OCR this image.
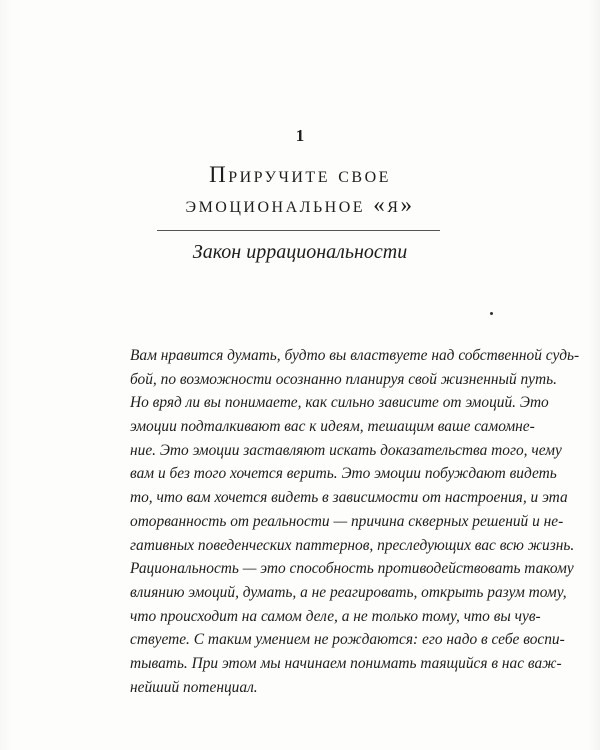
1
Приручите свое
эмоциональное «я»
Закон иррациональности
Вам нравится думать, будто вы властвуете над собственной судь-
бой, по возможности осознанно планируя свой жизненный путь.
Но вряд ли вы понимаете, как сильно зависите от эмоций. Это
эмоции подталкивают вас к идеям, тешащим ваше самомне-
ние. Это эмоции заставляют искать доказательства того, чему
вам и без того хочется верить. Это эмоции побуждают видеть
то, что вам хочется видеть в зависимости от настроения, и эта
оторванность от реальности — причина скверных решений и не-
гативных поведенческих паттернов, преследующих вас всю жизнь.
Рациональность — это способность противодействовать такому
влиянию эмоций, думать, а не реагировать, открыть разум тому,
что происходит на самом деле, а не только тому, что вы чув-
ствуете. С таким умением не рождаются: его надо в себе воспи-
тывать. При этом мы начинаем понимать таящийся в нас важ-
нейший потенциал.
